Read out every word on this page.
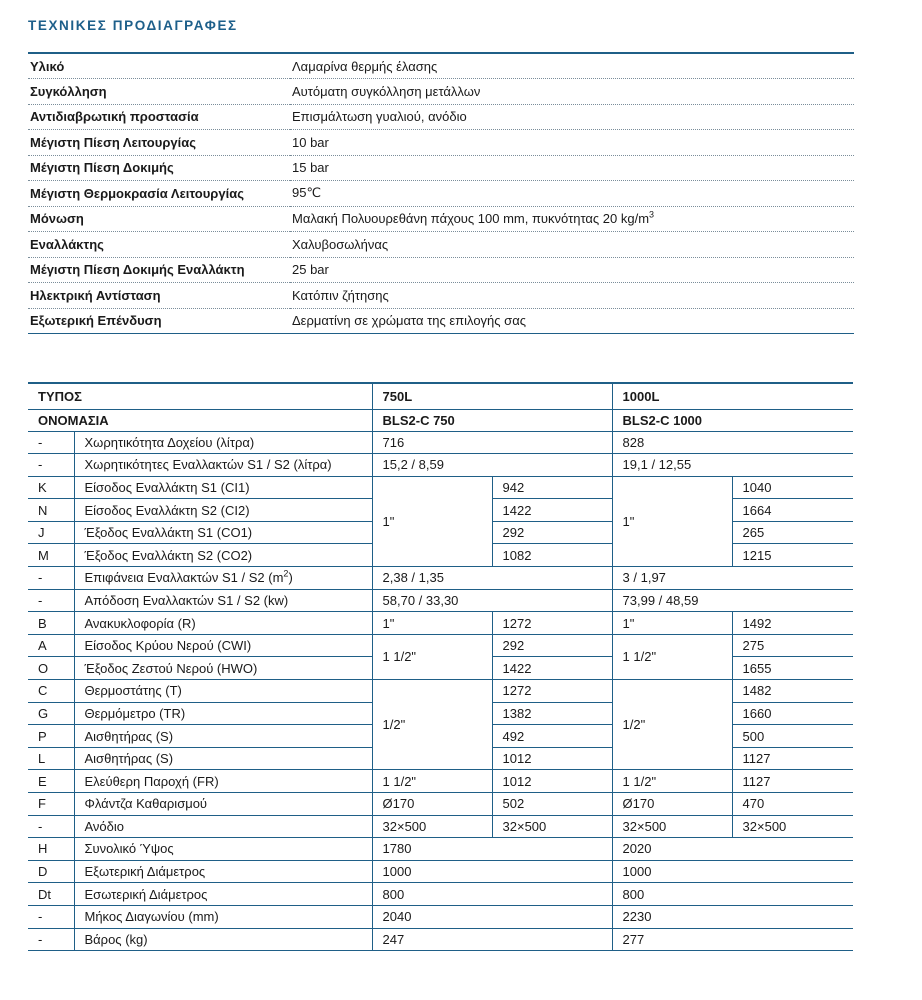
ΤΕΧΝΙΚΕΣ ΠΡΟΔΙΑΓΡΑΦΕΣ
Υλικό	Λαμαρίνα θερμής έλασης
Συγκόλληση	Αυτόματη συγκόλληση μετάλλων
Αντιδιαβρωτική προστασία	Επισμάλτωση γυαλιού, ανόδιο
Μέγιστη Πίεση Λειτουργίας	10 bar
Μέγιστη Πίεση Δοκιμής	15 bar
Μέγιστη Θερμοκρασία Λειτουργίας	95℃
Μόνωση	Μαλακή Πολυουρεθάνη πάχους 100 mm, πυκνότητας 20 $kg/m^3$
Εναλλάκτης	Χαλυβοσωλήνας
Μέγιστη Πίεση Δοκιμής Εναλλάκτη	25 bar
Ηλεκτρική Αντίσταση	Κατόπιν ζήτησης
Εξωτερική Επένδυση	Δερματίνη σε χρώματα της επιλογής σας
ΤΥΠΟΣ		750L		1000L	
ΟΝΟΜΑΣΙΑ		BLS2-C 750		BLS2-C 1000	
-	Χωρητικότητα Δοχείου (λίτρα)	716		828	
-	Χωρητικότητες Εναλλακτών S1 / S2 (λίτρα)	15,2 / 8,59		19,1 / 12,55	
K	Είσοδος Εναλλάκτη S1 (CI1)	1"	942	1"	1040
N	Είσοδος Εναλλάκτη S2 (CI2)		1422		1664
J	Έξοδος Εναλλάκτη S1 (CO1)		292		265
M	Έξοδος Εναλλάκτη S2 (CO2)		1082		1215
-	Επιφάνεια Εναλλακτών S1 / S2 $(m^2)$	2,38 / 1,35		3 / 1,97	
-	Απόδοση Εναλλακτών S1 / S2 (kw)	58,70 / 33,30		73,99 / 48,59	
B	Ανακυκλοφορία (R)	1"	1272	1"	1492
A	Είσοδος Κρύου Νερού (CWI)	1 1/2"	292	1 1/2"	275
O	Έξοδος Ζεστού Νερού (HWO)		1422		1655
C	Θερμοστάτης (T)	1/2"	1272	1/2"	1482
G	Θερμόμετρο (TR)		1382		1660
P	Αισθητήρας (S)		492		500
L	Αισθητήρας (S)		1012		1127
E	Ελεύθερη Παροχή (FR)	1 1/2"	1012	1 1/2"	1127
F	Φλάντζα Καθαρισμού	Ø170	502	Ø170	470
-	Ανόδιο	32×500	32×500	32×500	32×500
H	Συνολικό Ύψος	1780		2020	
D	Εξωτερική Διάμετρος	1000		1000	
Dt	Εσωτερική Διάμετρος	800		800	
-	Μήκος Διαγωνίου (mm)	2040		2230	
-	Βάρος (kg)	247		277	
